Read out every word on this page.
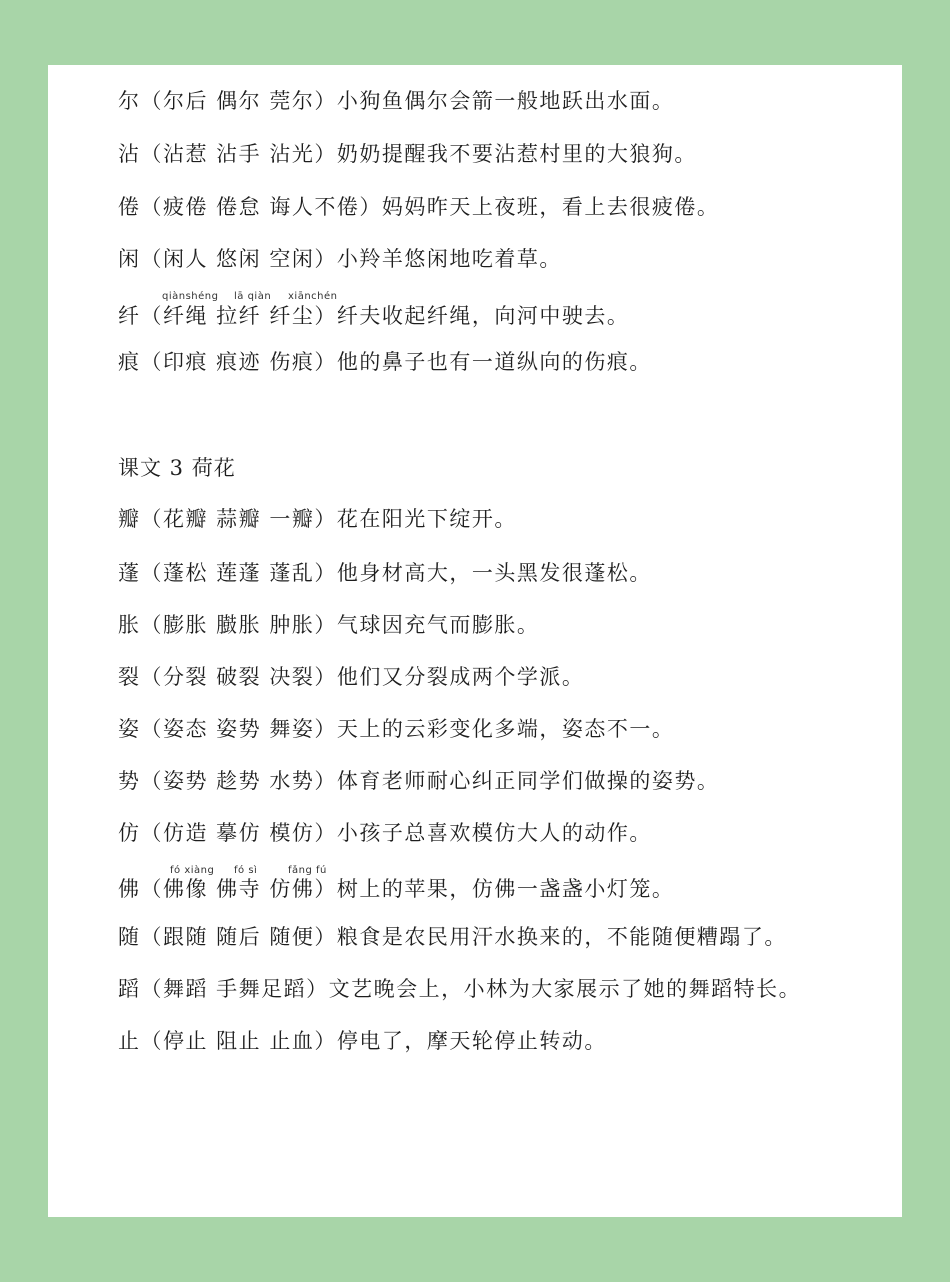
尔（尔后 偶尔 莞尔）小狗鱼偶尔会箭一般地跃出水面。
沾（沾惹 沾手 沾光）奶奶提醒我不要沾惹村里的大狼狗。
倦（疲倦 倦怠 诲人不倦）妈妈昨天上夜班，看上去很疲倦。
闲（闲人 悠闲 空闲）小羚羊悠闲地吃着草。
qiànshéng lā qiàn xiānchén
纤（纤绳 拉纤 纤尘）纤夫收起纤绳，向河中驶去。
痕（印痕 痕迹 伤痕）他的鼻子也有一道纵向的伤痕。
课文 3 荷花
瓣（花瓣 蒜瓣 一瓣）花在阳光下绽开。
蓬（蓬松 莲蓬 蓬乱）他身材高大，一头黑发很蓬松。
胀（膨胀 臌胀 肿胀）气球因充气而膨胀。
裂（分裂 破裂 决裂）他们又分裂成两个学派。
姿（姿态 姿势 舞姿）天上的云彩变化多端，姿态不一。
势（姿势 趁势 水势）体育老师耐心纠正同学们做操的姿势。
仿（仿造 摹仿 模仿）小孩子总喜欢模仿大人的动作。
fó xiàng fó sì	fǎng fú
佛（佛像 佛寺 仿佛）树上的苹果，仿佛一盏盏小灯笼。
随（跟随 随后 随便）粮食是农民用汗水换来的，不能随便糟蹋了。
蹈（舞蹈 手舞足蹈）文艺晚会上，小林为大家展示了她的舞蹈特长。
止（停止 阻止 止血）停电了，摩天轮停止转动。
